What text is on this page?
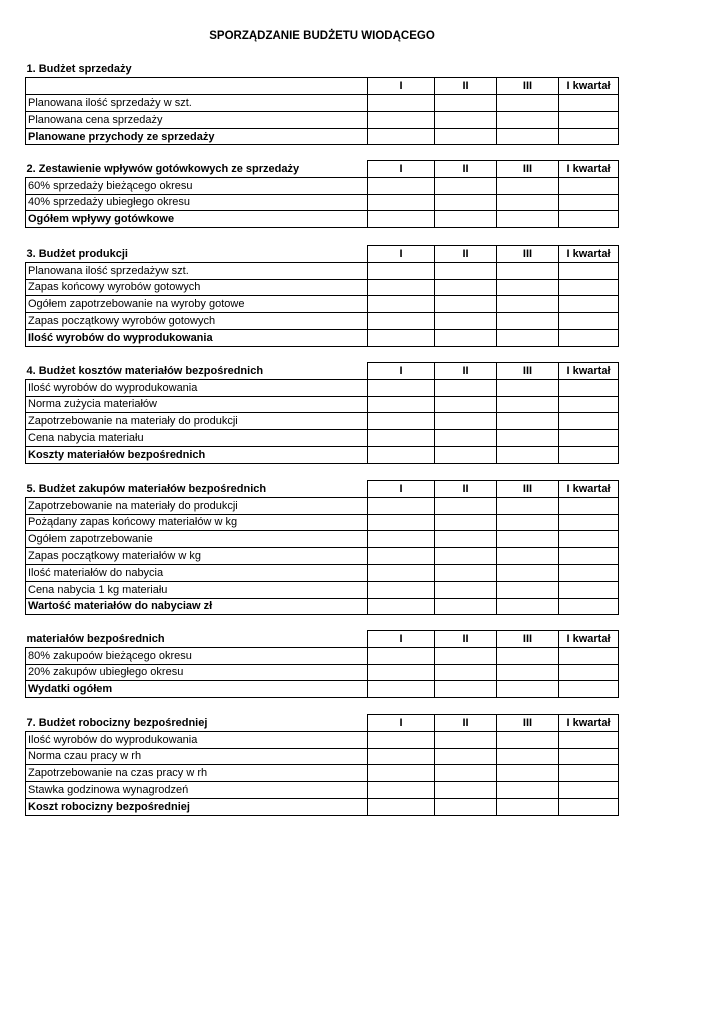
SPORZĄDZANIE BUDŻETU WIODĄCEGO
1. Budżet sprzedaży				
	I	II	III	I kwartał
Planowana ilość sprzedaży w szt.				
Planowana cena sprzedaży				
Planowane przychody ze sprzedaży				
2. Zestawienie wpływów gotówkowych ze sprzedaży	I	II	III	I kwartał
60% sprzedaży bieżącego okresu				
40% sprzedaży ubiegłego okresu				
Ogółem wpływy gotówkowe				
3. Budżet produkcji	I	II	III	I kwartał
Planowana ilość sprzedażyw szt.				
Zapas końcowy wyrobów gotowych				
Ogółem zapotrzebowanie na wyroby gotowe				
Zapas początkowy wyrobów gotowych				
Ilość wyrobów do wyprodukowania				
4. Budżet kosztów materiałów bezpośrednich	I	II	III	I kwartał
Ilość wyrobów do wyprodukowania				
Norma zużycia materiałów				
Zapotrzebowanie na materiały do produkcji				
Cena nabycia materiału				
Koszty materiałów bezpośrednich				
5. Budżet zakupów materiałów bezpośrednich	I	II	III	I kwartał
Zapotrzebowanie na materiały do produkcji				
Pożądany zapas końcowy materiałów w kg				
Ogółem zapotrzebowanie				
Zapas początkowy materiałów w kg				
Ilość materiałów do nabycia				
Cena nabycia 1 kg materiału				
Wartość materiałów do nabyciaw zł				
materiałów bezpośrednich	I	II	III	I kwartał
80% zakupoów bieżącego okresu				
20% zakupów ubiegłego okresu				
Wydatki ogółem				
7. Budżet robocizny bezpośredniej	I	II	III	I kwartał
Ilość wyrobów do wyprodukowania				
Norma czau pracy w rh				
Zapotrzebowanie na czas pracy w rh				
Stawka godzinowa wynagrodzeń				
Koszt robocizny bezpośredniej				
